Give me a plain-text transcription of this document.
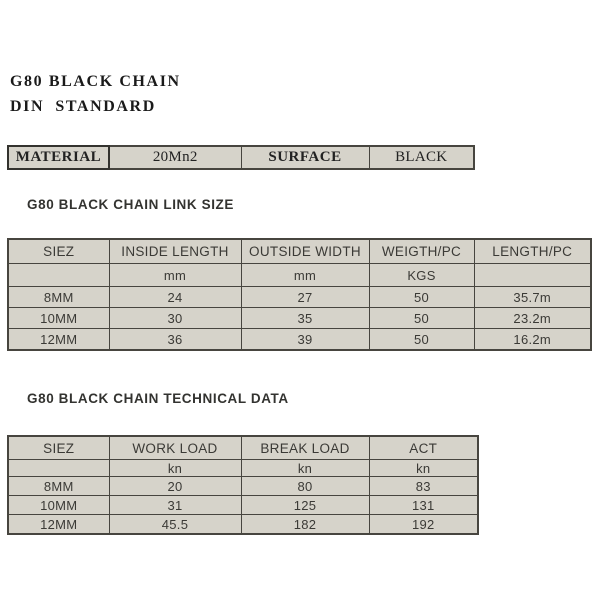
G80 BLACK CHAIN
DIN  STANDARD
MATERIAL	20Mn2	SURFACE	BLACK
G80 BLACK CHAIN LINK SIZE
SIEZ	INSIDE LENGTH	OUTSIDE WIDTH	WEIGTH/PC	LENGTH/PC
	mm	mm	KGS	
8MM	24	27	50	35.7m
10MM	30	35	50	23.2m
12MM	36	39	50	16.2m
G80 BLACK CHAIN TECHNICAL DATA
SIEZ	WORK LOAD	BREAK LOAD	ACT
	kn	kn	kn
8MM	20	80	83
10MM	31	125	131
12MM	45.5	182	192
